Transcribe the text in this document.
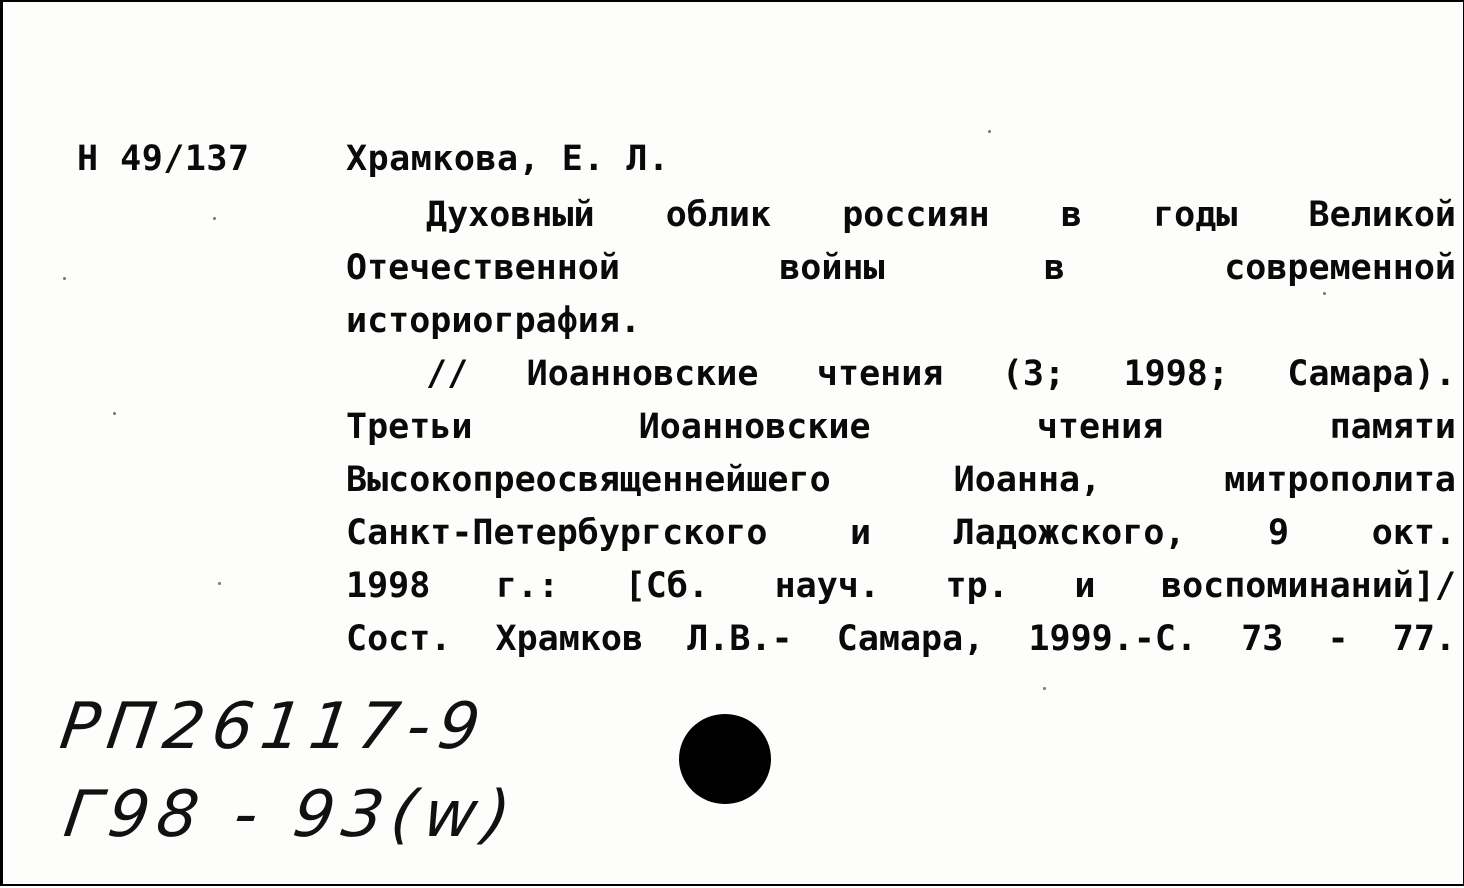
Н 49/137	Храмкова, Е. Л.
Духовный облик россиян в годы Великой
Отечественной войны в современной
историография.
// Иоанновские чтения (3; 1998; Самара).
Третьи Иоанновские чтения памяти
Высокопреосвященнейшего Иоанна, митрополита
Санкт-Петербургского и Ладожского, 9 окт.
1998 г.: [Сб. науч. тр. и воспоминаний]/
Сост. Храмков Л.В.- Самара, 1999.-С. 73 - 77.
РП26117-9
Г98 - 93(w)
